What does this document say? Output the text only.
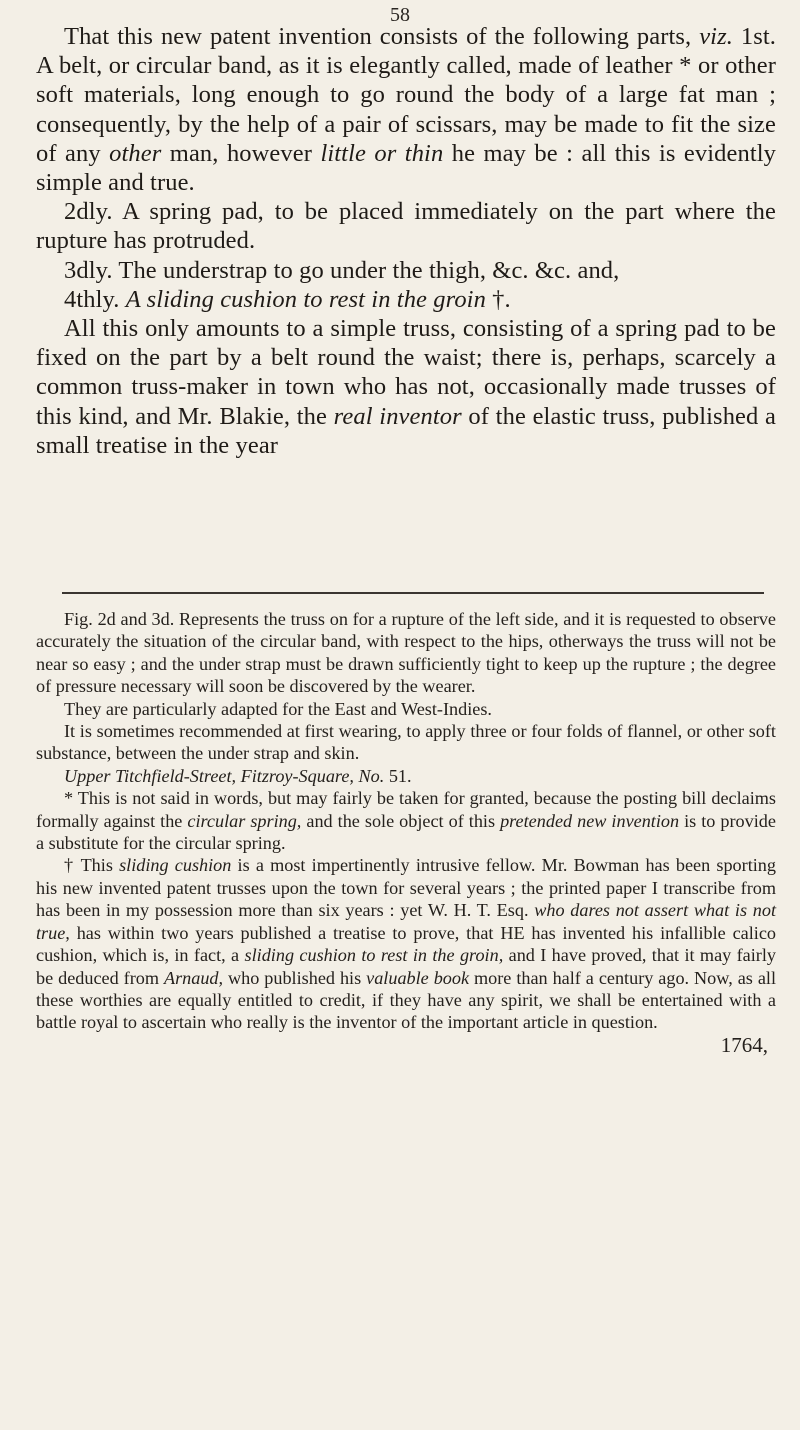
58

That this new patent invention consists of the following parts, viz. 1st. A belt, or circular band, as it is elegantly called, made of leather * or other soft materials, long enough to go round the body of a large fat man ; consequently, by the help of a pair of scissars, may be made to fit the size of any other man, however little or thin he may be : all this is evidently simple and true.

2dly. A spring pad, to be placed immediately on the part where the rupture has protruded.

3dly. The understrap to go under the thigh, &c. &c. and,

4thly. A sliding cushion to rest in the groin †.

All this only amounts to a simple truss, consisting of a spring pad to be fixed on the part by a belt round the waist; there is, perhaps, scarcely a common truss-maker in town who has not, occasionally made trusses of this kind, and Mr. Blakie, the real inventor of the elastic truss, published a small treatise in the year

Fig. 2d and 3d. Represents the truss on for a rupture of the left side, and it is requested to observe accurately the situation of the circular band, with respect to the hips, otherways the truss will not be near so easy ; and the under strap must be drawn sufficiently tight to keep up the rupture ; the degree of pressure necessary will soon be discovered by the wearer.

They are particularly adapted for the East and West-Indies.

It is sometimes recommended at first wearing, to apply three or four folds of flannel, or other soft substance, between the under strap and skin.

Upper Titchfield-Street, Fitzroy-Square, No. 51.

* This is not said in words, but may fairly be taken for granted, because the posting bill declaims formally against the circular spring, and the sole object of this pretended new invention is to provide a substitute for the circular spring.

† This sliding cushion is a most impertinently intrusive fellow. Mr. Bowman has been sporting his new invented patent trusses upon the town for several years ; the printed paper I transcribe from has been in my possession more than six years : yet W. H. T. Esq. who dares not assert what is not true, has within two years published a treatise to prove, that HE has invented his infallible calico cushion, which is, in fact, a sliding cushion to rest in the groin, and I have proved, that it may fairly be deduced from Arnaud, who published his valuable book more than half a century ago. Now, as all these worthies are equally entitled to credit, if they have any spirit, we shall be entertained with a battle royal to ascertain who really is the inventor of the important article in question.

1764,
